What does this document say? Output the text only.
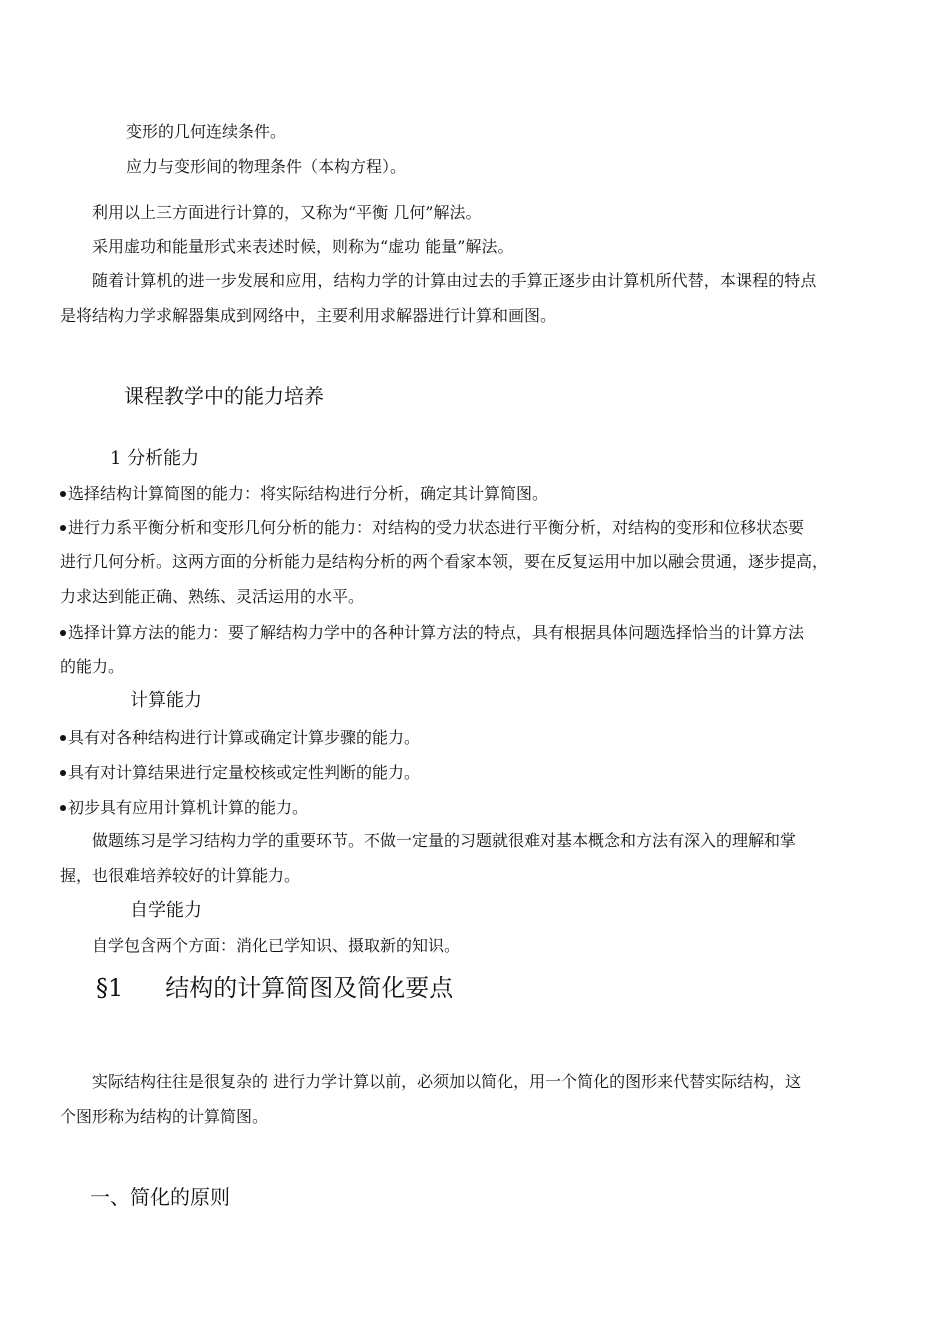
变形的几何连续条件。
应力与变形间的物理条件（本构方程）。
利用以上三方面进行计算的，又称为“平衡 几何”解法。
采用虚功和能量形式来表述时候，则称为“虚功 能量”解法。
随着计算机的进一步发展和应用，结构力学的计算由过去的手算正逐步由计算机所代替，本课程的特点
是将结构力学求解器集成到网络中，主要利用求解器进行计算和画图。
课程教学中的能力培养
1 分析能力
选择结构计算简图的能力：将实际结构进行分析，确定其计算简图。
进行力系平衡分析和变形几何分析的能力：对结构的受力状态进行平衡分析，对结构的变形和位移状态要
进行几何分析。这两方面的分析能力是结构分析的两个看家本领，要在反复运用中加以融会贯通，逐步提高，
力求达到能正确、熟练、灵活运用的水平。
选择计算方法的能力：要了解结构力学中的各种计算方法的特点，具有根据具体问题选择恰当的计算方法
的能力。
计算能力
具有对各种结构进行计算或确定计算步骤的能力。
具有对计算结果进行定量校核或定性判断的能力。
初步具有应用计算机计算的能力。
做题练习是学习结构力学的重要环节。不做一定量的习题就很难对基本概念和方法有深入的理解和掌
握，也很难培养较好的计算能力。
自学能力
自学包含两个方面：消化已学知识、摄取新的知识。
§1 结构的计算简图及简化要点
实际结构往往是很复杂的 进行力学计算以前，必须加以简化，用一个简化的图形来代替实际结构，这
个图形称为结构的计算简图。
一、简化的原则
